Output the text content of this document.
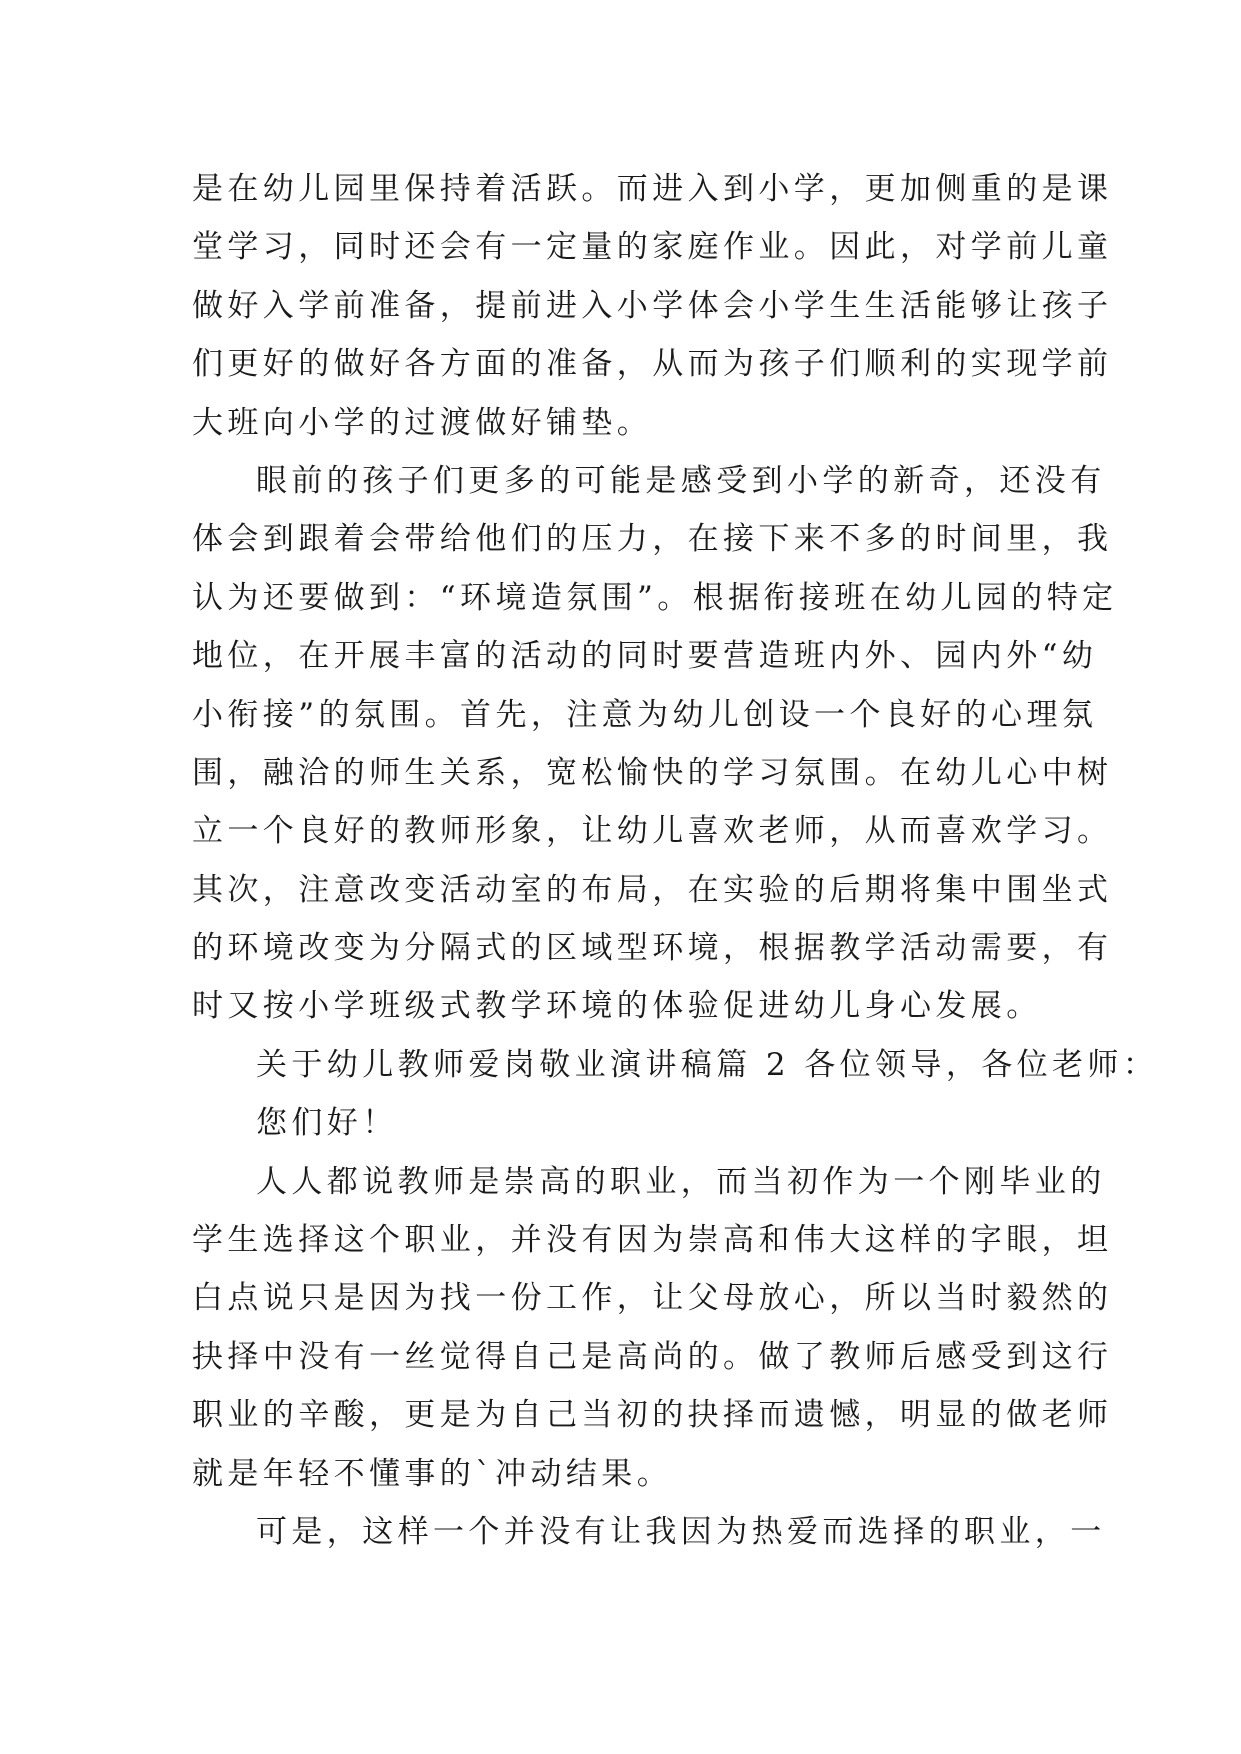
是在幼儿园里保持着活跃。而进入到小学，更加侧重的是课
堂学习，同时还会有一定量的家庭作业。因此，对学前儿童
做好入学前准备，提前进入小学体会小学生生活能够让孩子
们更好的做好各方面的准备，从而为孩子们顺利的实现学前
大班向小学的过渡做好铺垫。
眼前的孩子们更多的可能是感受到小学的新奇，还没有
体会到跟着会带给他们的压力，在接下来不多的时间里，我
认为还要做到：“环境造氛围”。根据衔接班在幼儿园的特定
地位，在开展丰富的活动的同时要营造班内外、园内外“幼
小衔接”的氛围。首先，注意为幼儿创设一个良好的心理氛
围，融洽的师生关系，宽松愉快的学习氛围。在幼儿心中树
立一个良好的教师形象，让幼儿喜欢老师，从而喜欢学习。
其次，注意改变活动室的布局，在实验的后期将集中围坐式
的环境改变为分隔式的区域型环境，根据教学活动需要，有
时又按小学班级式教学环境的体验促进幼儿身心发展。
关于幼儿教师爱岗敬业演讲稿篇 2 各位领导，各位老师：
您们好！
人人都说教师是崇高的职业，而当初作为一个刚毕业的
学生选择这个职业，并没有因为崇高和伟大这样的字眼，坦
白点说只是因为找一份工作，让父母放心，所以当时毅然的
抉择中没有一丝觉得自己是高尚的。做了教师后感受到这行
职业的辛酸，更是为自己当初的抉择而遗憾，明显的做老师
就是年轻不懂事的`冲动结果。
可是，这样一个并没有让我因为热爱而选择的职业，一
